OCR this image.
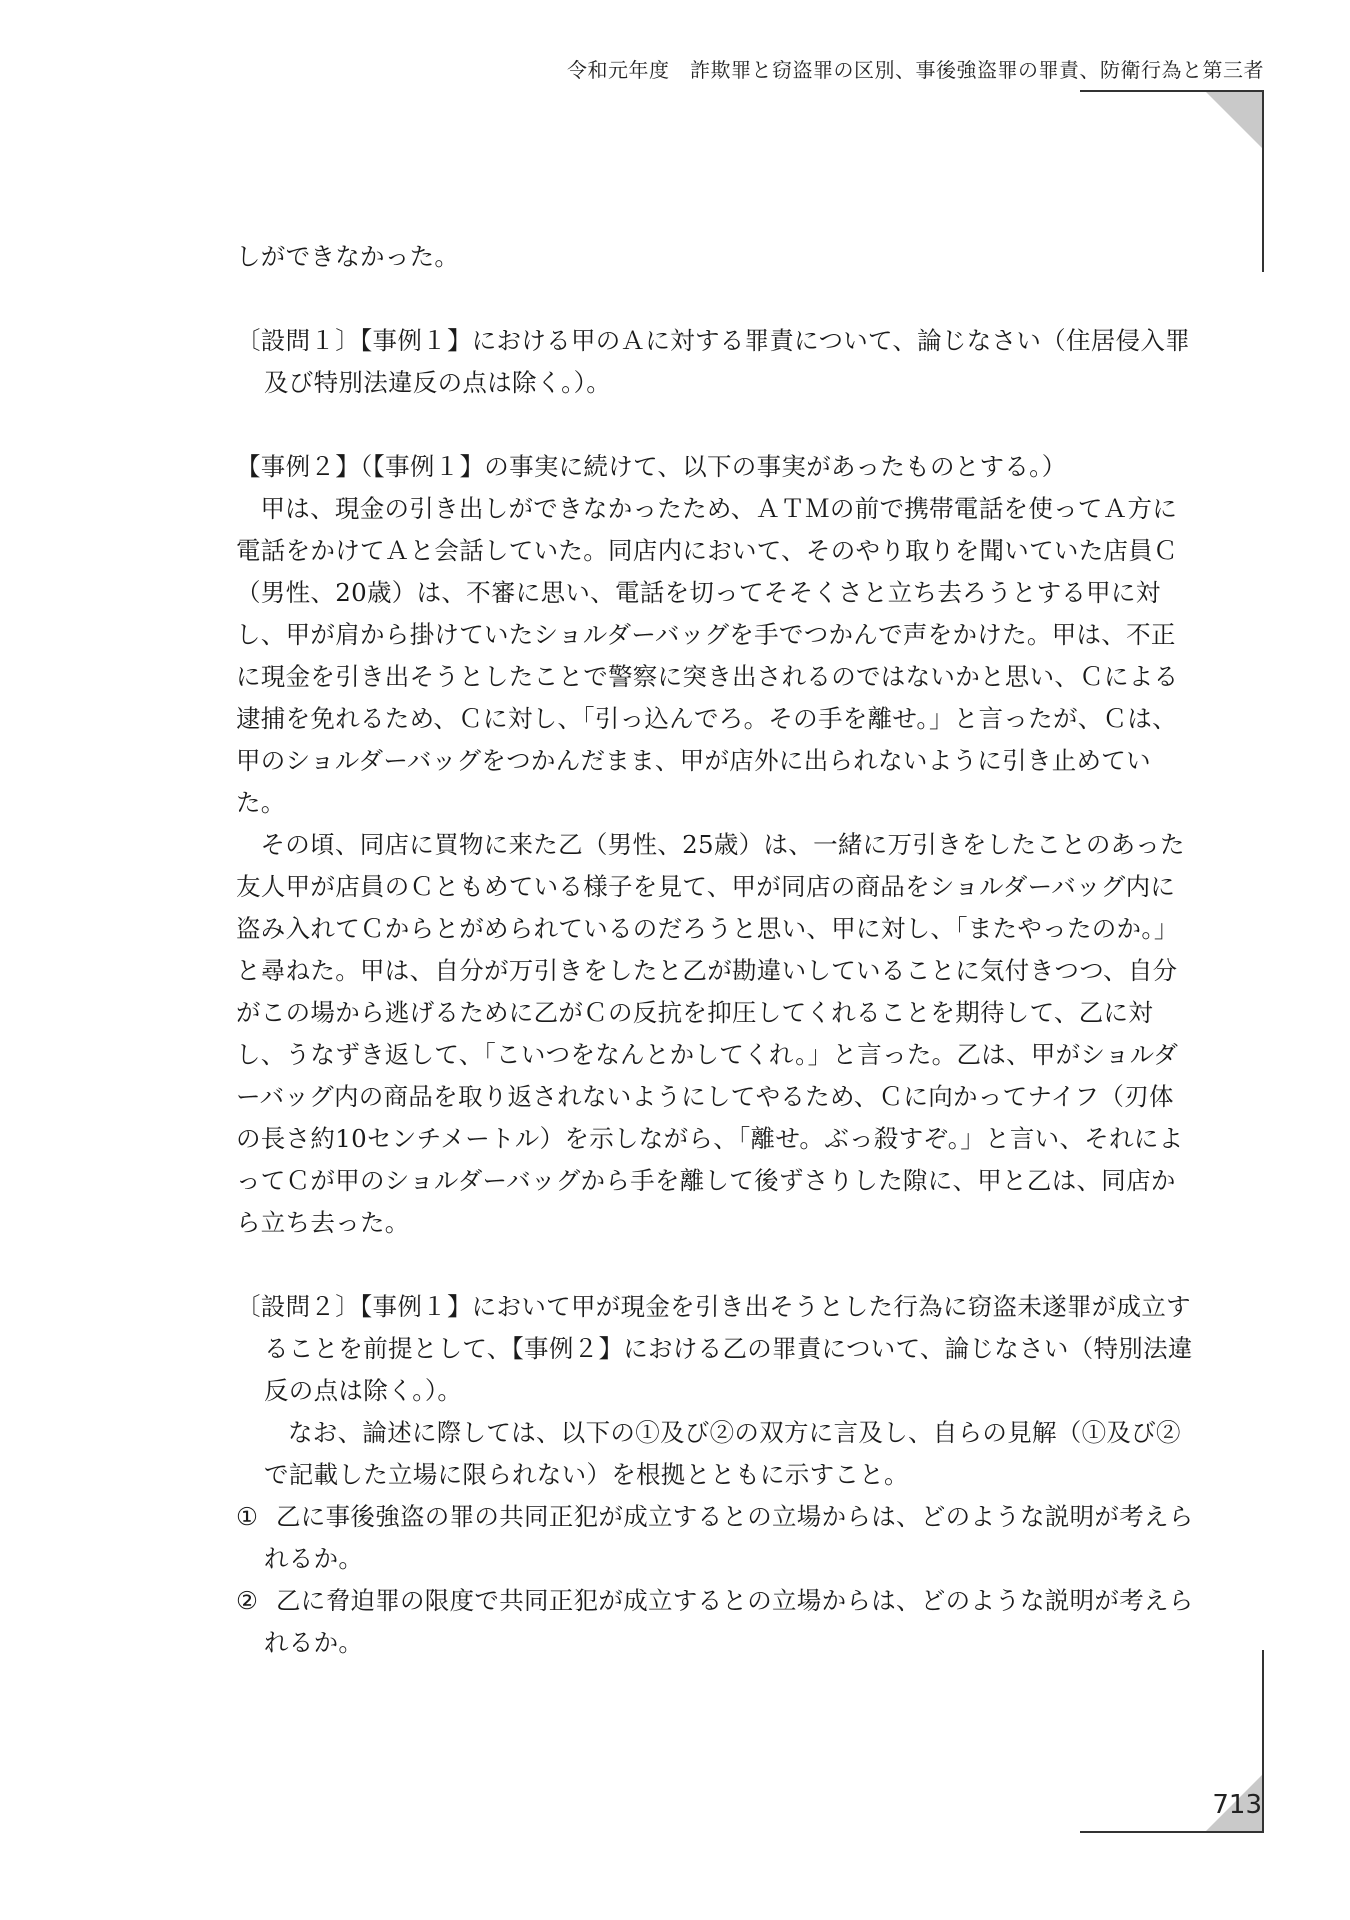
令和元年度　詐欺罪と窃盗罪の区別、事後強盗罪の罪責、防衛行為と第三者

しができなかった。

〔設問１〕【事例１】における甲のＡに対する罪責について、論じなさい（住居侵入罪及び特別法違反の点は除く。）。

【事例２】（【事例１】の事実に続けて、以下の事実があったものとする。）

甲は、現金の引き出しができなかったため、ＡＴＭの前で携帯電話を使ってＡ方に電話をかけてＡと会話していた。同店内において、そのやり取りを聞いていた店員Ｃ（男性、20歳）は、不審に思い、電話を切ってそそくさと立ち去ろうとする甲に対し、甲が肩から掛けていたショルダーバッグを手でつかんで声をかけた。甲は、不正に現金を引き出そうとしたことで警察に突き出されるのではないかと思い、Ｃによる逮捕を免れるため、Ｃに対し、「引っ込んでろ。その手を離せ。」と言ったが、Ｃは、甲のショルダーバッグをつかんだまま、甲が店外に出られないように引き止めていた。

その頃、同店に買物に来た乙（男性、25歳）は、一緒に万引きをしたことのあった友人甲が店員のＣともめている様子を見て、甲が同店の商品をショルダーバッグ内に盗み入れてＣからとがめられているのだろうと思い、甲に対し、「またやったのか。」と尋ねた。甲は、自分が万引きをしたと乙が勘違いしていることに気付きつつ、自分がこの場から逃げるために乙がＣの反抗を抑圧してくれることを期待して、乙に対し、うなずき返して、「こいつをなんとかしてくれ。」と言った。乙は、甲がショルダーバッグ内の商品を取り返されないようにしてやるため、Ｃに向かってナイフ（刃体の長さ約10センチメートル）を示しながら、「離せ。ぶっ殺すぞ。」と言い、それによってＣが甲のショルダーバッグから手を離して後ずさりした隙に、甲と乙は、同店から立ち去った。

〔設問２〕【事例１】において甲が現金を引き出そうとした行為に窃盗未遂罪が成立することを前提として、【事例２】における乙の罪責について、論じなさい（特別法違反の点は除く。）。

なお、論述に際しては、以下の①及び②の双方に言及し、自らの見解（①及び②で記載した立場に限られない）を根拠とともに示すこと。

① 乙に事後強盗の罪の共同正犯が成立するとの立場からは、どのような説明が考えられるか。

② 乙に脅迫罪の限度で共同正犯が成立するとの立場からは、どのような説明が考えられるか。

713
